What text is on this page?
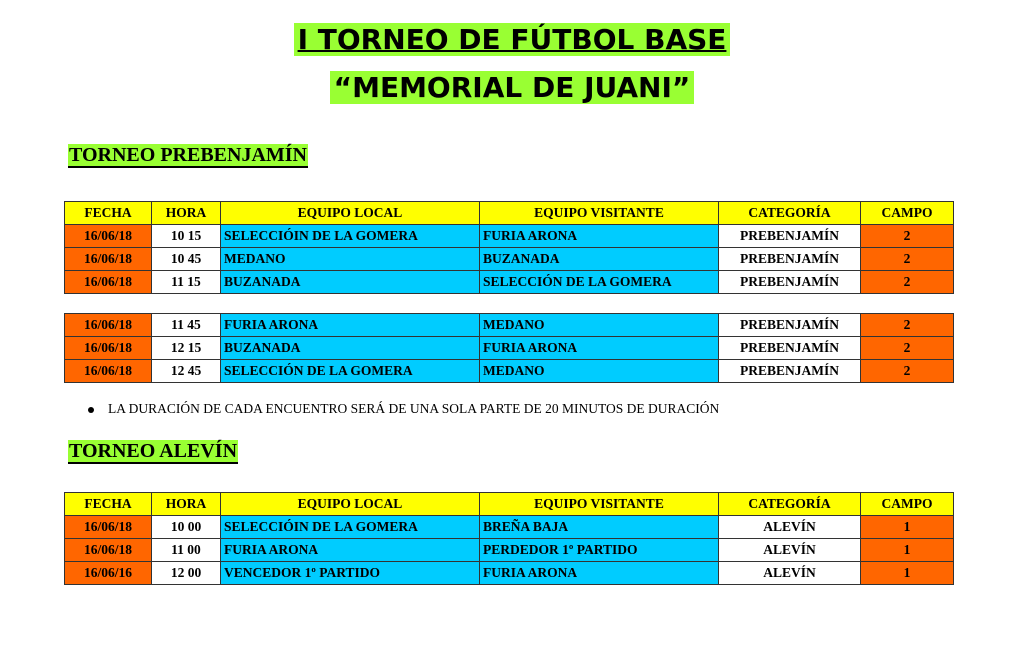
I TORNEO DE FÚTBOL BASE
“MEMORIAL DE JUANI”
TORNEO PREBENJAMÍN
FECHA	HORA	EQUIPO LOCAL	EQUIPO VISITANTE	CATEGORÍA	CAMPO
16/06/18	10 15	SELECCIÓIN DE LA GOMERA	FURIA ARONA	PREBENJAMÍN	2
16/06/18	10 45	MEDANO	BUZANADA	PREBENJAMÍN	2
16/06/18	11 15	BUZANADA	SELECCIÓN DE LA GOMERA	PREBENJAMÍN	2
16/06/18	11 45	FURIA ARONA	MEDANO	PREBENJAMÍN	2
16/06/18	12 15	BUZANADA	FURIA ARONA	PREBENJAMÍN	2
16/06/18	12 45	SELECCIÓN DE LA GOMERA	MEDANO	PREBENJAMÍN	2
LA DURACIÓN DE CADA ENCUENTRO SERÁ DE UNA SOLA PARTE DE 20 MINUTOS DE DURACIÓN
TORNEO ALEVÍN
FECHA	HORA	EQUIPO LOCAL	EQUIPO VISITANTE	CATEGORÍA	CAMPO
16/06/18	10 00	SELECCIÓIN DE LA GOMERA	BREÑA BAJA	ALEVÍN	1
16/06/18	11 00	FURIA ARONA	PERDEDOR 1º PARTIDO	ALEVÍN	1
16/06/16	12 00	VENCEDOR 1º PARTIDO	FURIA ARONA	ALEVÍN	1
